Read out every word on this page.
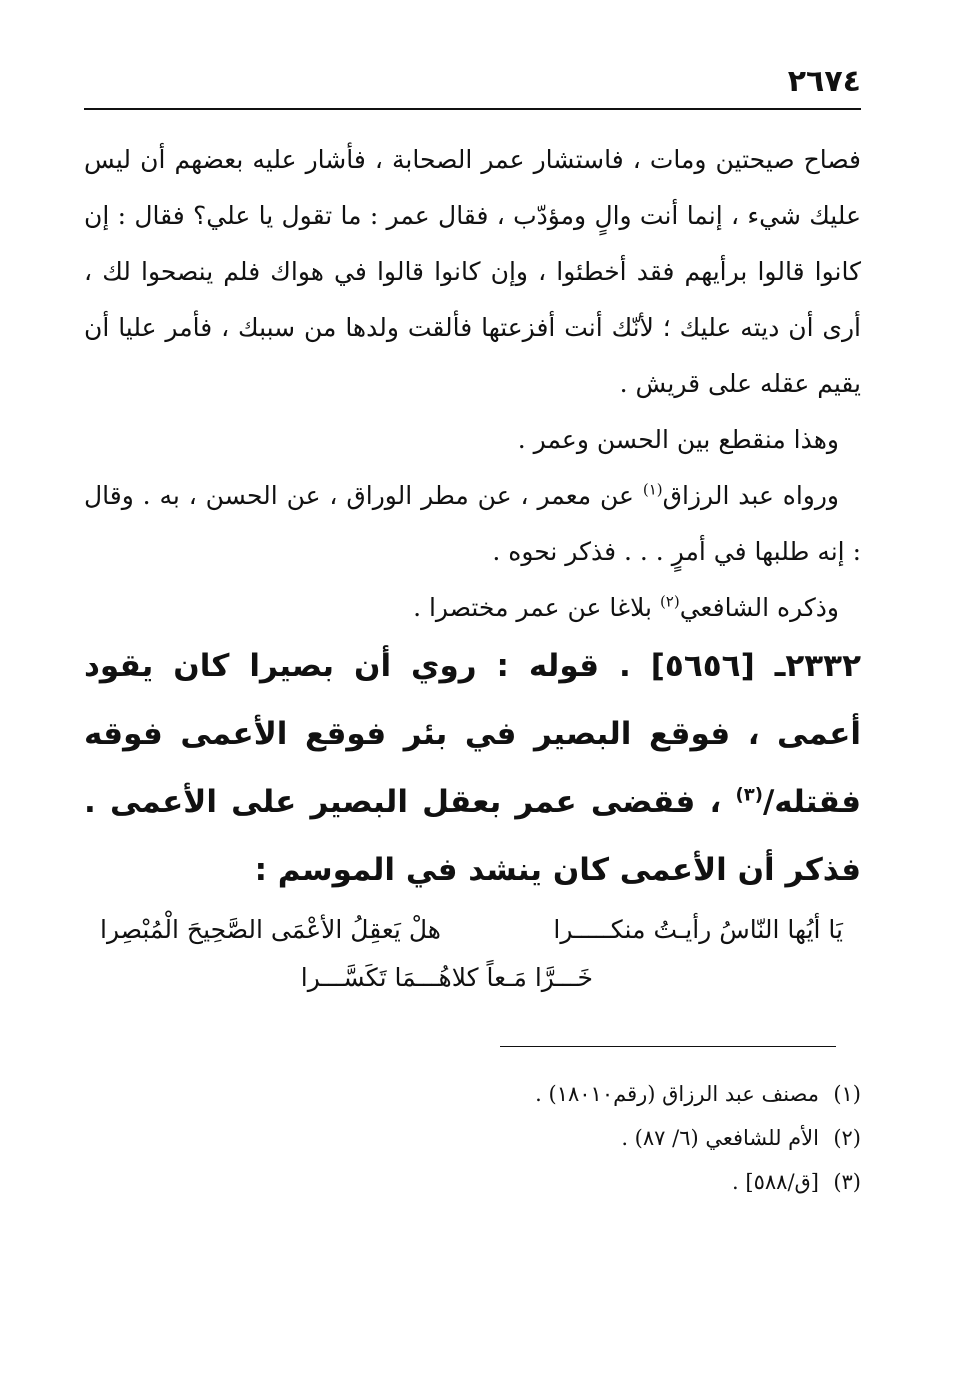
٢٦٧٤

فصاح صيحتين ومات ، فاستشار عمر الصحابة ، فأشار عليه بعضهم أن ليس عليك شيء ، إنما أنت والٍ ومؤدّب ، فقال عمر : ما تقول يا علي؟ فقال : إن كانوا قالوا برأيهم فقد أخطئوا ، وإن كانوا قالوا في هواك فلم ينصحوا لك ، أرى أن ديته عليك ؛ لأنّك أنت أفزعتها فألقت ولدها من سببك ، فأمر عليا أن يقيم عقله على قريش .

وهذا منقطع بين الحسن وعمر .

ورواه عبد الرزاق$^{(١)}$ عن معمر ، عن مطر الوراق ، عن الحسن ، به . وقال : إنه طلبها في أمرٍ . . . فذكر نحوه .

وذكره الشافعي$^{(٢)}$ بلاغا عن عمر مختصرا .

٢٣٣٢ـ [٥٦٥٦] . قوله : روي أن بصيرا كان يقود أعمى ، فوقع البصير في بئر فوقع الأعمى فوقه فقتله/$^{(٣)}$ ، فقضى عمر بعقل البصير على الأعمى . فذكر أن الأعمى كان ينشد في الموسم :

يَا أيُها النّاسُ رأيـتُ منكـــــرا
هلْ يَعقِلُ الأعْمَى الصَّحِيحَ الْمُبْصِرا
خَـــرَّا مَـعاً كلاهُـــمَا تَكَسَّـــرا
(١)
مصنف عبد الرزاق (رقم١٨٠١٠) .
(٢)
الأم للشافعي (٦/ ٨٧) .
(٣)
[ق/٥٨٨] .
